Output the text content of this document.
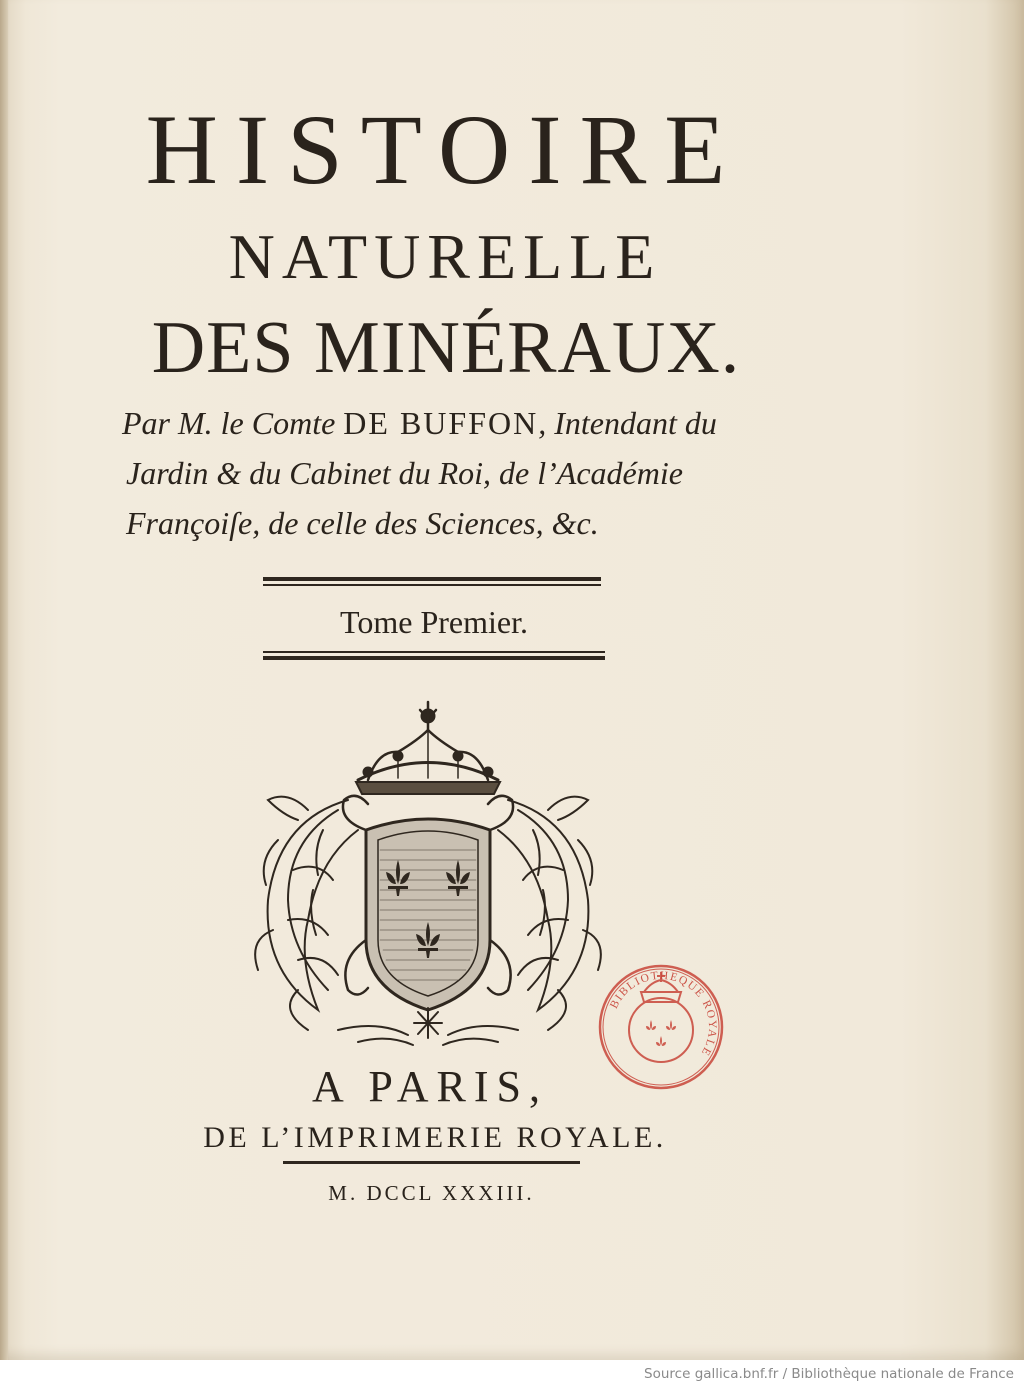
HISTOIRE
NATURELLE
DES MINÉRAUX.
Par M. le Comte DE BUFFON, Intendant du
Jardin & du Cabinet du Roi, de l’Académie
Françoiſe, de celle des Sciences, &c.
Tome Premier.
BIBLIOTHEQUE ROYALE
A PARIS,
DE L’IMPRIMERIE ROYALE.
M. DCCL XXXIII.
Source gallica.bnf.fr / Bibliothèque nationale de France
